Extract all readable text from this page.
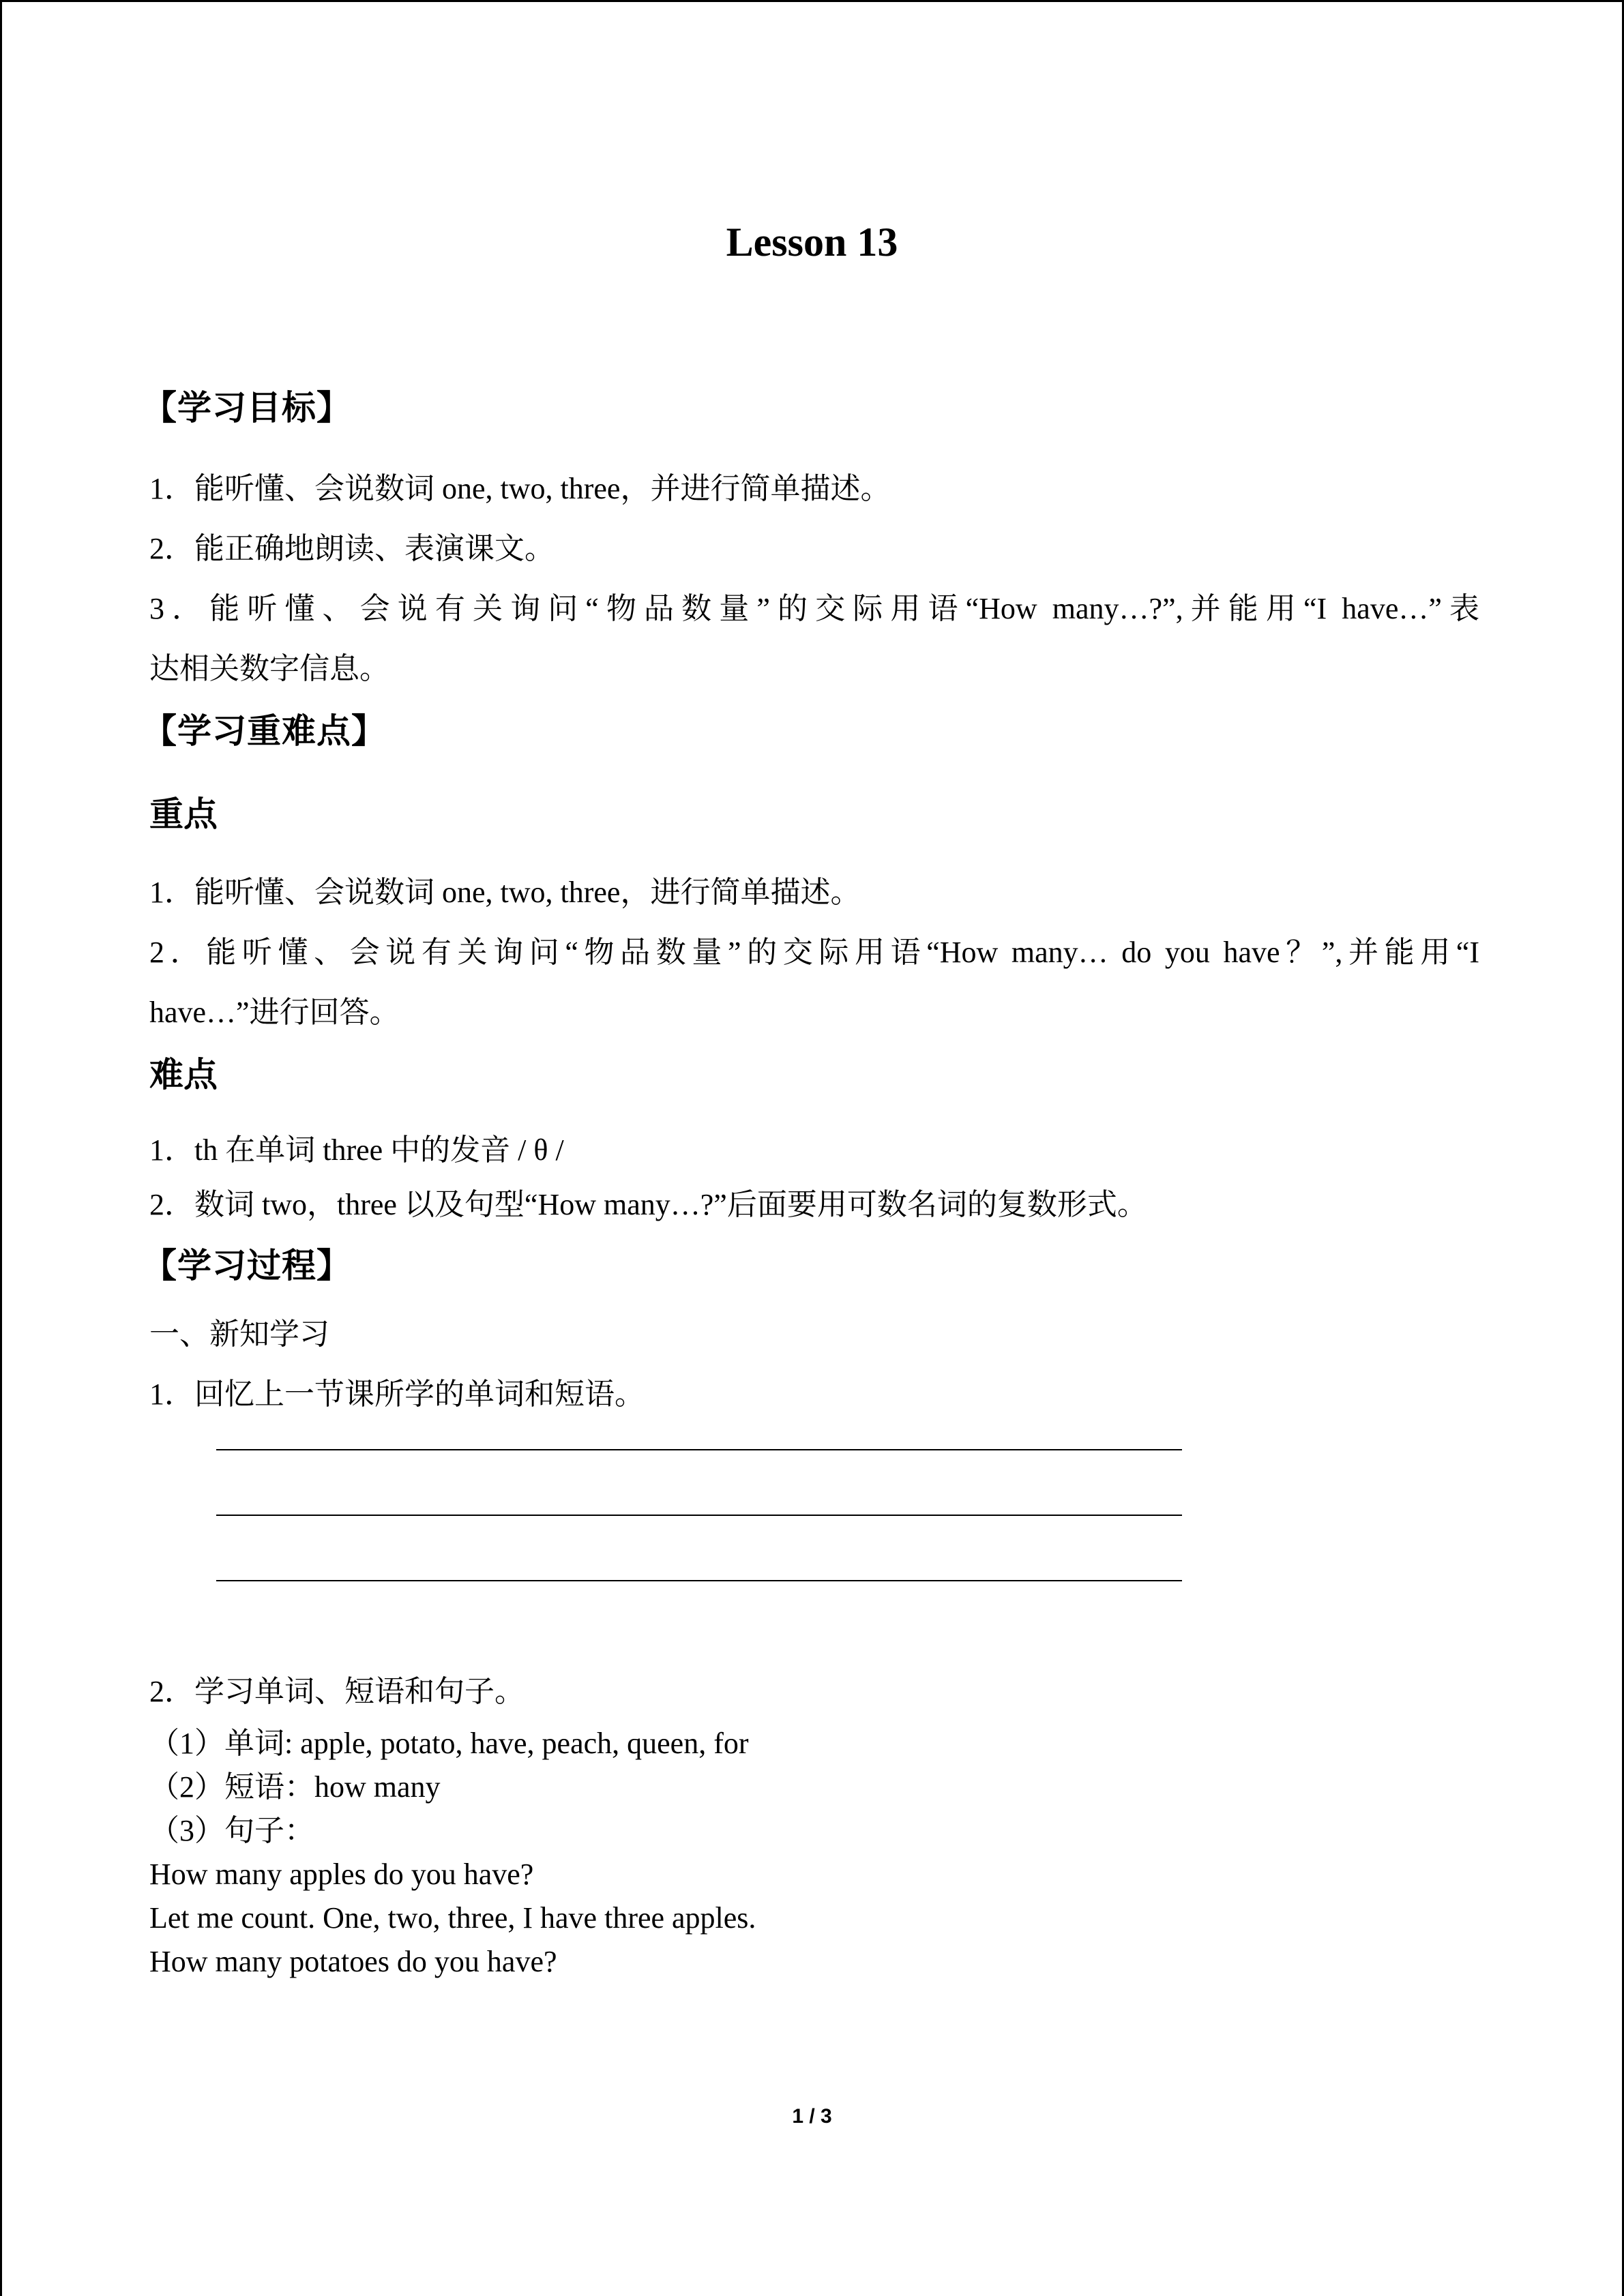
Lesson 13
【学习目标】

1．能听懂、会说数词 one, two, three，并进行简单描述。

2．能正确地朗读、表演课文。

3．能听懂、会说有关询问“物品数量”的交际用语“How many…?”,并能用“I have…”表

达相关数字信息。

【学习重难点】
重点

1．能听懂、会说数词 one, two, three，进行简单描述。

2．能听懂、会说有关询问“物品数量”的交际用语“How many… do you have？”,并能用“I

have…”进行回答。

难点

1．th 在单词 three 中的发音 / θ /

2．数词 two，three 以及句型“How many…?”后面要用可数名词的复数形式。

【学习过程】

一、新知学习

1．回忆上一节课所学的单词和短语。

2．学习单词、短语和句子。

（1）单词: apple, potato, have, peach, queen, for

（2）短语：how many

（3）句子：

How many apples do you have?

Let me count. One, two, three, I have three apples.

How many potatoes do you have?

1 / 3
